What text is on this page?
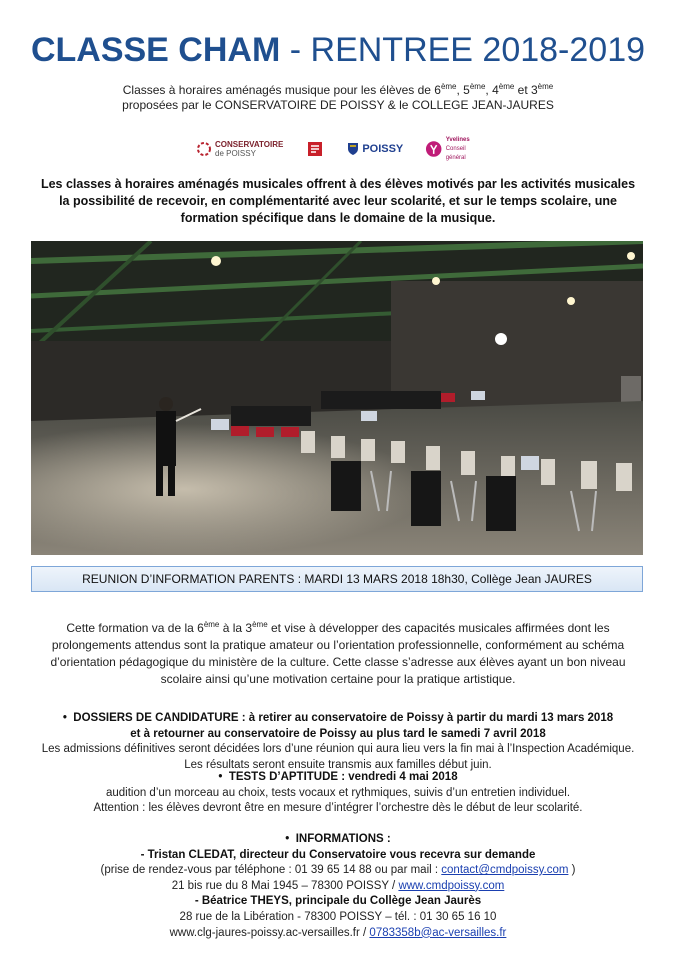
CLASSE CHAM - RENTREE 2018-2019
Classes à horaires aménagés musique pour les élèves de 6ème, 5ème, 4ème et 3ème
proposées par le CONSERVATOIRE DE POISSY & le COLLEGE JEAN-JAURES
CONSERVATOIRE
de POISSY	POISSY
Yvelines
Conseil général
Les classes à horaires aménagés musicales offrent à des élèves motivés par les activités musicales la possibilité de recevoir, en complémentarité avec leur scolarité, et sur le temps scolaire, une formation spécifique dans le domaine de la musique.
REUNION D’INFORMATION PARENTS : MARDI 13 MARS 2018 18h30, Collège Jean JAURES
Cette formation va de la 6ème à la 3ème et vise à développer des capacités musicales affirmées dont les prolongements attendus sont la pratique amateur ou l’orientation professionnelle, conformément au schéma d’orientation pédagogique du ministère de la culture. Cette classe s’adresse aux élèves ayant un bon niveau scolaire ainsi qu’une motivation certaine pour la pratique artistique.

• DOSSIERS DE CANDIDATURE : à retirer au conservatoire de Poissy à partir du mardi 13 mars 2018

et à retourner au conservatoire de Poissy au plus tard le samedi 7 avril 2018

Les admissions définitives seront décidées lors d’une réunion qui aura lieu vers la fin mai à l’Inspection Académique.

Les résultats seront ensuite transmis aux familles début juin.

• TESTS D’APTITUDE : vendredi 4 mai 2018

audition d’un morceau au choix, tests vocaux et rythmiques, suivis d’un entretien individuel.

Attention : les élèves devront être en mesure d’intégrer l’orchestre dès le début de leur scolarité.

• INFORMATIONS :

- Tristan CLEDAT, directeur du Conservatoire vous recevra sur demande

(prise de rendez-vous par téléphone : 01 39 65 14 88 ou par mail : contact@cmdpoissy.com )

21 bis rue du 8 Mai 1945 – 78300 POISSY / www.cmdpoissy.com

- Béatrice THEYS, principale du Collège Jean Jaurès

28 rue de la Libération - 78300 POISSY – tél. : 01 30 65 16 10

www.clg-jaures-poissy.ac-versailles.fr / 0783358b@ac-versailles.fr
